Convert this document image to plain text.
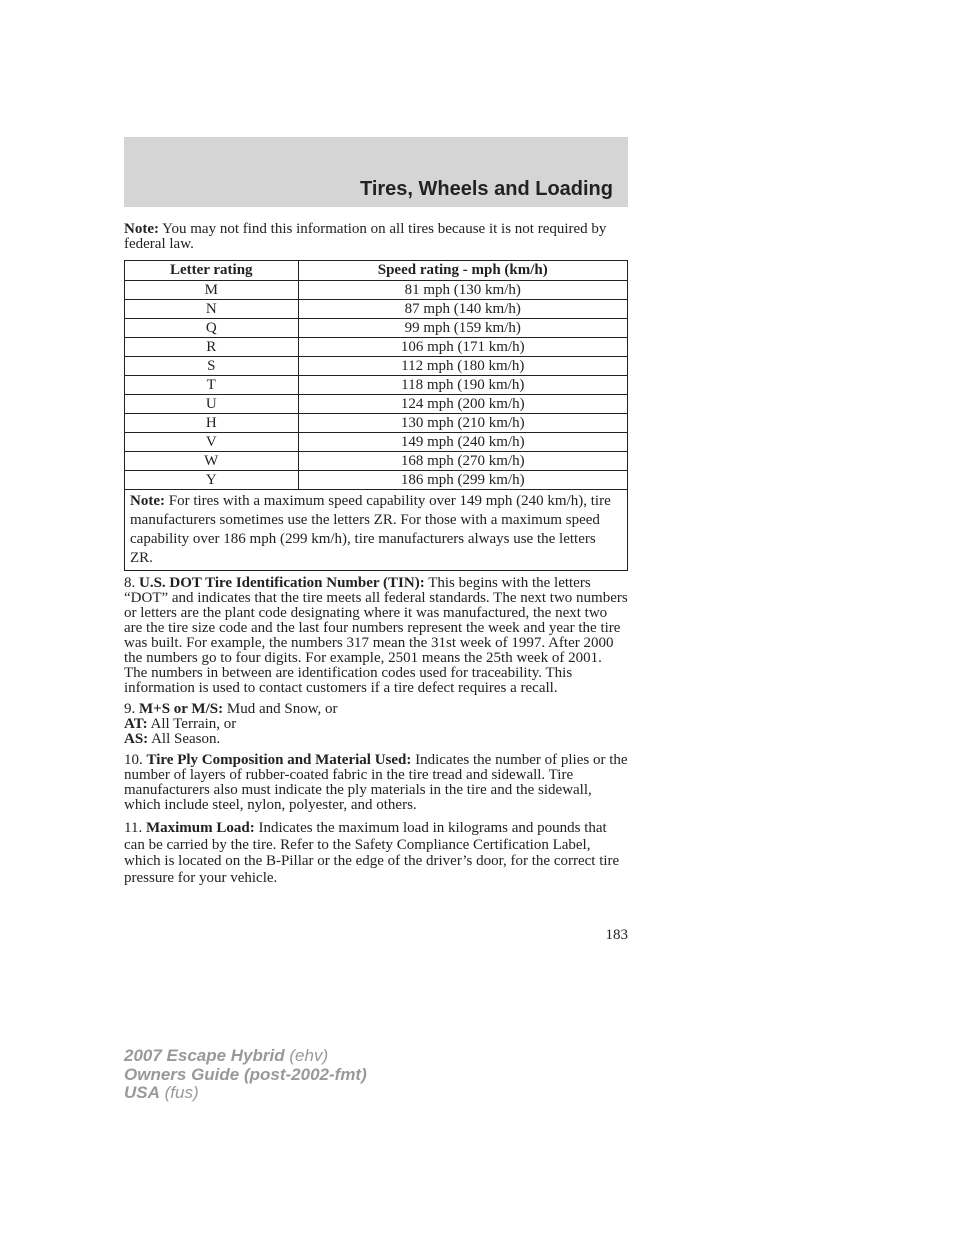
Tires, Wheels and Loading

Note: You may not find this information on all tires because it is not required by federal law.

Letter rating	Speed rating - mph (km/h)
M	81 mph (130 km/h)
N	87 mph (140 km/h)
Q	99 mph (159 km/h)
R	106 mph (171 km/h)
S	112 mph (180 km/h)
T	118 mph (190 km/h)
U	124 mph (200 km/h)
H	130 mph (210 km/h)
V	149 mph (240 km/h)
W	168 mph (270 km/h)
Y	186 mph (299 km/h)
Note: For tires with a maximum speed capability over 149 mph (240 km/h), tire manufacturers sometimes use the letters ZR. For those with a maximum speed capability over 186 mph (299 km/h), tire manufacturers always use the letters ZR.	

8. U.S. DOT Tire Identification Number (TIN): This begins with the letters “DOT” and indicates that the tire meets all federal standards. The next two numbers or letters are the plant code designating where it was manufactured, the next two are the tire size code and the last four numbers represent the week and year the tire was built. For example, the numbers 317 mean the 31st week of 1997. After 2000 the numbers go to four digits. For example, 2501 means the 25th week of 2001. The numbers in between are identification codes used for traceability. This information is used to contact customers if a tire defect requires a recall.

9. M+S or M/S: Mud and Snow, or
AT: All Terrain, or
AS: All Season.

10. Tire Ply Composition and Material Used: Indicates the number of plies or the number of layers of rubber-coated fabric in the tire tread and sidewall. Tire manufacturers also must indicate the ply materials in the tire and the sidewall, which include steel, nylon, polyester, and others.

11. Maximum Load: Indicates the maximum load in kilograms and pounds that can be carried by the tire. Refer to the Safety Compliance Certification Label, which is located on the B-Pillar or the edge of the driver’s door, for the correct tire pressure for your vehicle.

183
2007 Escape Hybrid (ehv)
Owners Guide (post-2002-fmt)
USA (fus)
